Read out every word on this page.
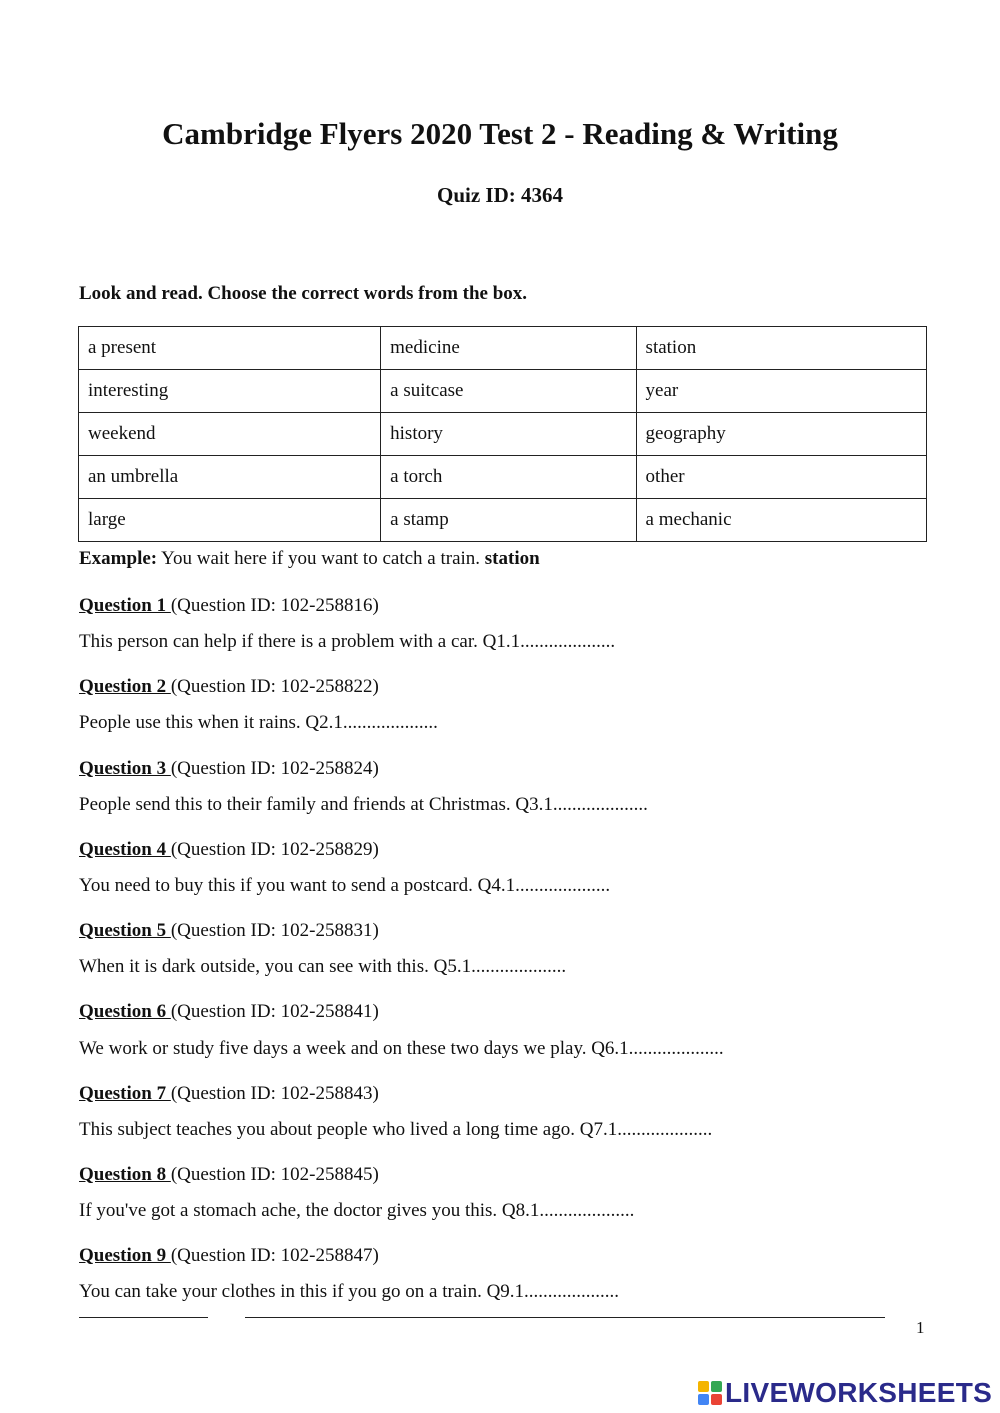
Cambridge Flyers 2020 Test 2 - Reading & Writing
Quiz ID: 4364

Look and read. Choose the correct words from the box.

a present	medicine	station
interesting	a suitcase	year
weekend	history	geography
an umbrella	a torch	other
large	a stamp	a mechanic

Example: You wait here if you want to catch a train. station

Question 1 (Question ID: 102-258816)

This person can help if there is a problem with a car. Q1.1....................

Question 2 (Question ID: 102-258822)

People use this when it rains. Q2.1....................

Question 3 (Question ID: 102-258824)

People send this to their family and friends at Christmas. Q3.1....................

Question 4 (Question ID: 102-258829)

You need to buy this if you want to send a postcard. Q4.1....................

Question 5 (Question ID: 102-258831)

When it is dark outside, you can see with this. Q5.1....................

Question 6 (Question ID: 102-258841)

We work or study five days a week and on these two days we play. Q6.1....................

Question 7 (Question ID: 102-258843)

This subject teaches you about people who lived a long time ago. Q7.1....................

Question 8 (Question ID: 102-258845)

If you've got a stomach ache, the doctor gives you this. Q8.1....................

Question 9 (Question ID: 102-258847)

You can take your clothes in this if you go on a train. Q9.1....................

1
LIVEWORKSHEETS
